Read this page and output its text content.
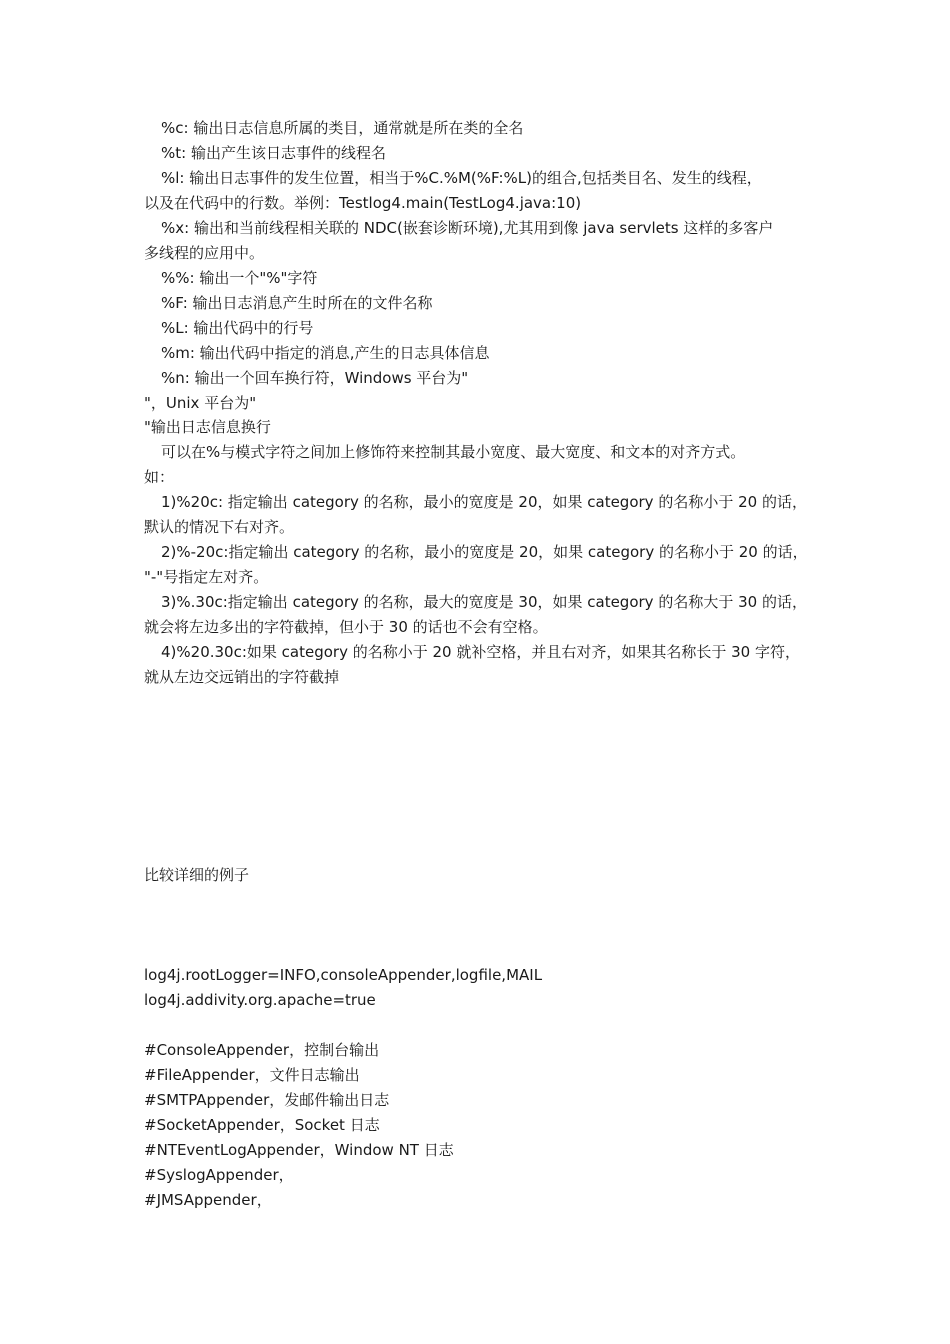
%c: 输出日志信息所属的类目，通常就是所在类的全名
%t: 输出产生该日志事件的线程名
%l: 输出日志事件的发生位置，相当于%C.%M(%F:%L)的组合,包括类目名、发生的线程，
以及在代码中的行数。举例：Testlog4.main(TestLog4.java:10)
%x: 输出和当前线程相关联的 NDC(嵌套诊断环境),尤其用到像 java servlets 这样的多客户
多线程的应用中。
%%: 输出一个"%"字符
%F: 输出日志消息产生时所在的文件名称
%L: 输出代码中的行号
%m: 输出代码中指定的消息,产生的日志具体信息
%n: 输出一个回车换行符，Windows 平台为"
"，Unix 平台为"
"输出日志信息换行
可以在%与模式字符之间加上修饰符来控制其最小宽度、最大宽度、和文本的对齐方式。
如：
1)%20c: 指定输出 category 的名称，最小的宽度是 20，如果 category 的名称小于 20 的话，
默认的情况下右对齐。
2)%-20c:指定输出 category 的名称，最小的宽度是 20，如果 category 的名称小于 20 的话，
"-"号指定左对齐。
3)%.30c:指定输出 category 的名称，最大的宽度是 30，如果 category 的名称大于 30 的话，
就会将左边多出的字符截掉，但小于 30 的话也不会有空格。
4)%20.30c:如果 category 的名称小于 20 就补空格，并且右对齐，如果其名称长于 30 字符，
就从左边交远销出的字符截掉
比较详细的例子
log4j.rootLogger=INFO,consoleAppender,logfile,MAIL
log4j.addivity.org.apache=true
#ConsoleAppender，控制台输出
#FileAppender，文件日志输出
#SMTPAppender，发邮件输出日志
#SocketAppender，Socket 日志
#NTEventLogAppender，Window NT 日志
#SyslogAppender，
#JMSAppender，
